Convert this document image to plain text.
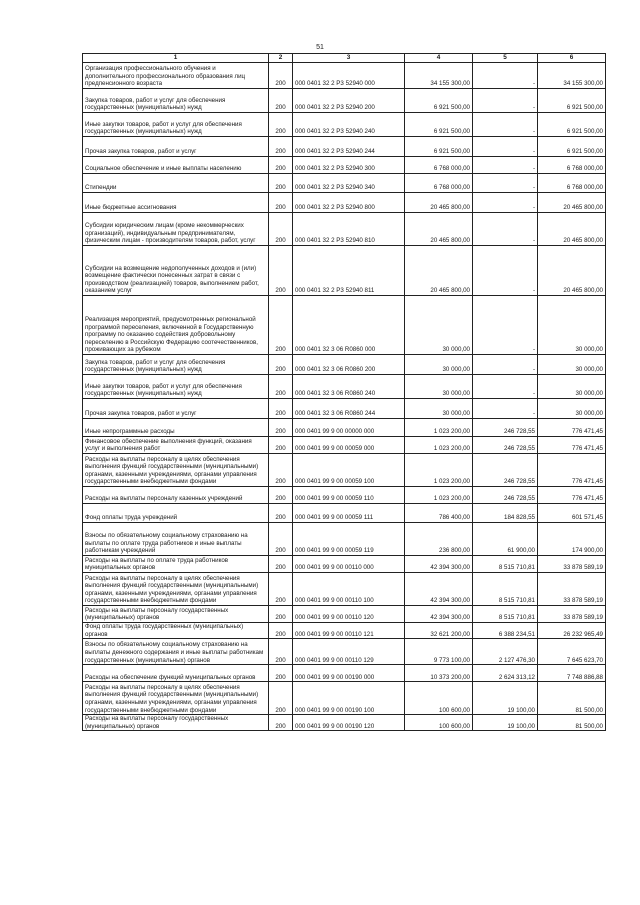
51
1	2	3	4	5	6
Организация профессионального обучения и дополнительного профессионального образования лиц предпенсионного возраста	200	000 0401 32 2 P3 52940 000	34 155 300,00	-	34 155 300,00
Закупка товаров, работ и услуг для обеспечения государственных (муниципальных) нужд	200	000 0401 32 2 P3 52940 200	6 921 500,00	-	6 921 500,00
Иные закупки товаров, работ и услуг для обеспечения государственных (муниципальных) нужд	200	000 0401 32 2 P3 52940 240	6 921 500,00	-	6 921 500,00
Прочая закупка товаров, работ и услуг	200	000 0401 32 2 P3 52940 244	6 921 500,00	-	6 921 500,00
Социальное обеспечение и иные выплаты населению	200	000 0401 32 2 P3 52940 300	6 768 000,00	-	6 768 000,00
Стипендии	200	000 0401 32 2 P3 52940 340	6 768 000,00	-	6 768 000,00
Иные бюджетные ассигнования	200	000 0401 32 2 P3 52940 800	20 465 800,00	-	20 465 800,00
Субсидии юридическим лицам (кроме некоммерческих организаций), индивидуальным предпринимателям, физическим лицам - производителям товаров, работ, услуг	200	000 0401 32 2 P3 52940 810	20 465 800,00	-	20 465 800,00
Субсидии на возмещение недополученных доходов и (или) возмещение фактически понесенных затрат в связи с производством (реализацией) товаров, выполнением работ, оказанием услуг	200	000 0401 32 2 P3 52940 811	20 465 800,00	-	20 465 800,00
Реализация мероприятий, предусмотренных региональной программой переселения, включенной в Государственную программу по оказанию содействия добровольному переселению в Российскую Федерацию соотечественников, проживающих за рубежом	200	000 0401 32 3 06 R0860 000	30 000,00	-	30 000,00
Закупка товаров, работ и услуг для обеспечения государственных (муниципальных) нужд	200	000 0401 32 3 06 R0860 200	30 000,00	-	30 000,00
Иные закупки товаров, работ и услуг для обеспечения государственных (муниципальных) нужд	200	000 0401 32 3 06 R0860 240	30 000,00	-	30 000,00
Прочая закупка товаров, работ и услуг	200	000 0401 32 3 06 R0860 244	30 000,00	-	30 000,00
Иные непрограммные расходы	200	000 0401 99 9 00 00000 000	1 023 200,00	246 728,55	776 471,45
Финансовое обеспечение выполнения функций, оказания услуг и выполнения работ	200	000 0401 99 9 00 00059 000	1 023 200,00	246 728,55	776 471,45
Расходы на выплаты персоналу в целях обеспечения выполнения функций государственными (муниципальными) органами, казенными учреждениями, органами управления государственными внебюджетными фондами	200	000 0401 99 9 00 00059 100	1 023 200,00	246 728,55	776 471,45
Расходы на выплаты персоналу казенных учреждений	200	000 0401 99 9 00 00059 110	1 023 200,00	246 728,55	776 471,45
Фонд оплаты труда учреждений	200	000 0401 99 9 00 00059 111	786 400,00	184 828,55	601 571,45
Взносы по обязательному социальному страхованию на выплаты по оплате труда работников и иные выплаты работникам учреждений	200	000 0401 99 9 00 00059 119	236 800,00	61 900,00	174 900,00
Расходы на выплаты по оплате труда работников муниципальных органов	200	000 0401 99 9 00 00110 000	42 394 300,00	8 515 710,81	33 878 589,19
Расходы на выплаты персоналу в целях обеспечения выполнения функций государственными (муниципальными) органами, казенными учреждениями, органами управления государственными внебюджетными фондами	200	000 0401 99 9 00 00110 100	42 394 300,00	8 515 710,81	33 878 589,19
Расходы на выплаты персоналу государственных (муниципальных) органов	200	000 0401 99 9 00 00110 120	42 394 300,00	8 515 710,81	33 878 589,19
Фонд оплаты труда государственных (муниципальных) органов	200	000 0401 99 9 00 00110 121	32 621 200,00	6 388 234,51	26 232 965,49
Взносы по обязательному социальному страхованию на выплаты денежного содержания и иные выплаты работникам государственных (муниципальных) органов	200	000 0401 99 9 00 00110 129	9 773 100,00	2 127 476,30	7 645 623,70
Расходы на обеспечение функций муниципальных органов	200	000 0401 99 9 00 00190 000	10 373 200,00	2 624 313,12	7 748 886,88
Расходы на выплаты персоналу в целях обеспечения выполнения функций государственными (муниципальными) органами, казенными учреждениями, органами управления государственными внебюджетными фондами	200	000 0401 99 9 00 00190 100	100 600,00	19 100,00	81 500,00
Расходы на выплаты персоналу государственных (муниципальных) органов	200	000 0401 99 9 00 00190 120	100 600,00	19 100,00	81 500,00
